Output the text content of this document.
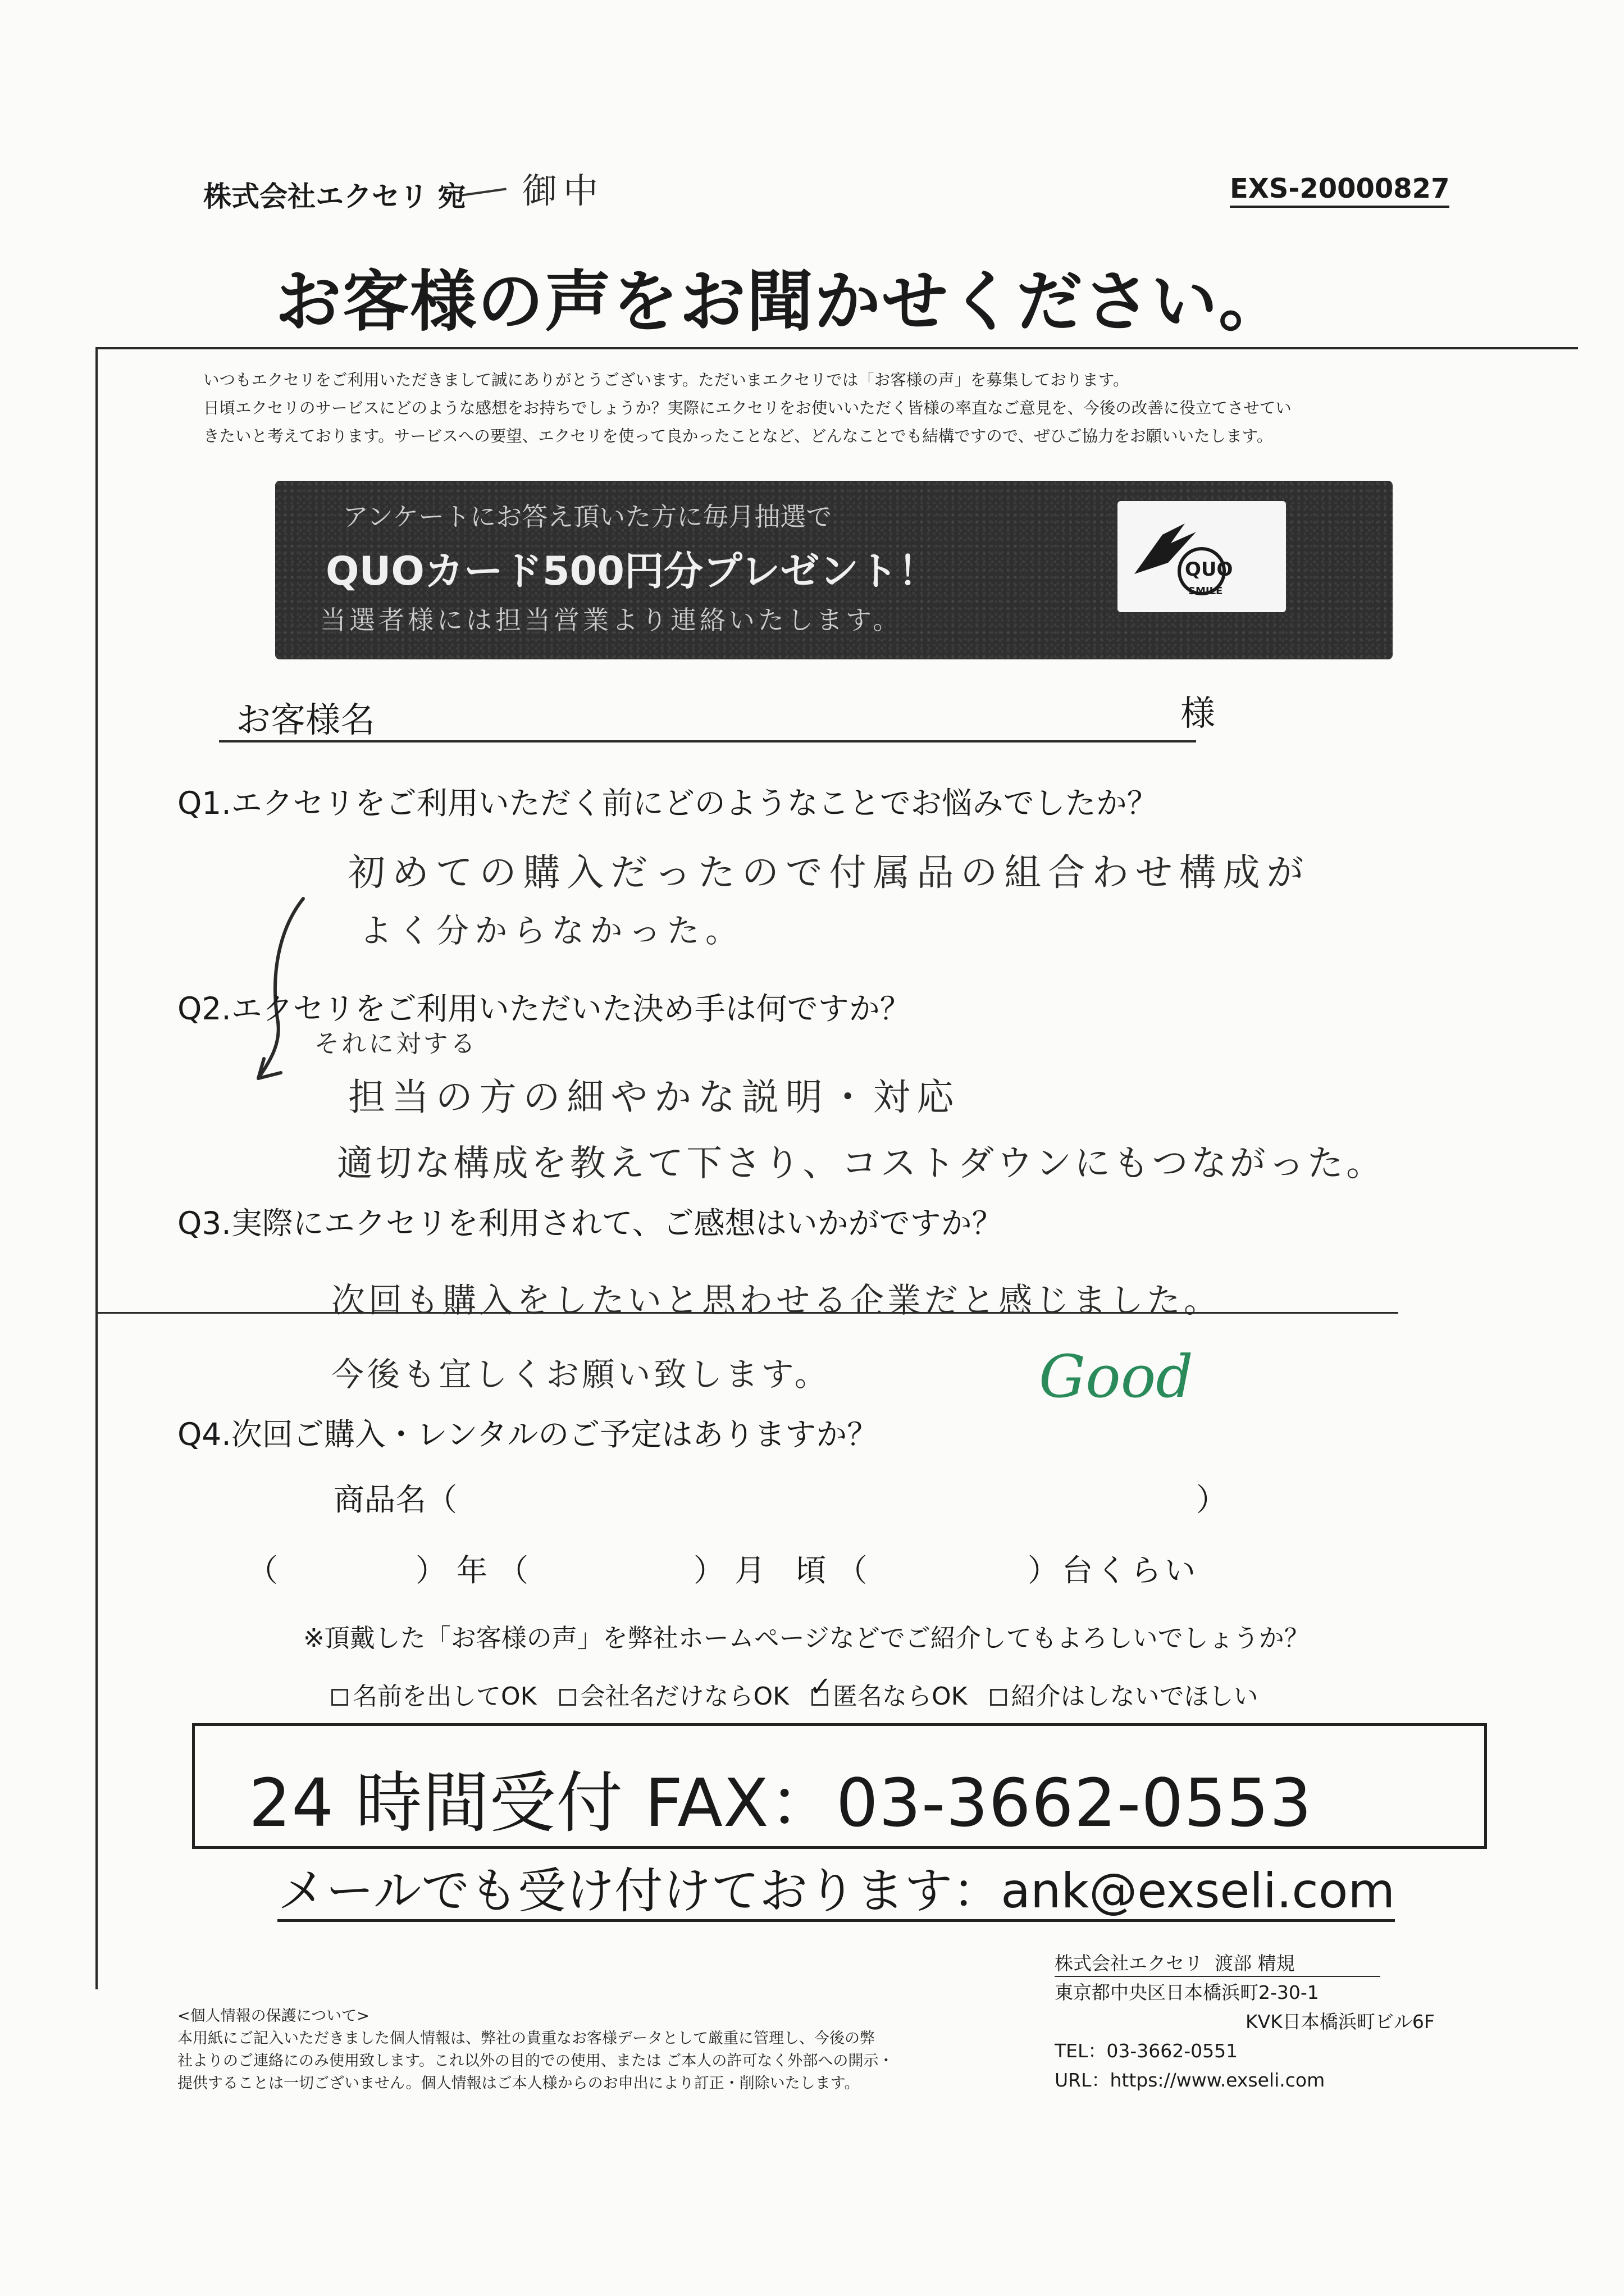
株式会社エクセリ 宛 御中	EXS-20000827
お客様の声をお聞かせください。
いつもエクセリをご利用いただきまして誠にありがとうございます。ただいまエクセリでは「お客様の声」を募集しております。
日頃エクセリのサービスにどのような感想をお持ちでしょうか？実際にエクセリをお使いいただく皆様の率直なご意見を、今後の改善に役立てさせてい
きたいと考えております。サービスへの要望、エクセリを使って良かったことなど、どんなことでも結構ですので、ぜひご協力をお願いいたします。
アンケートにお答え頂いた方に毎月抽選で
QUOカード500円分プレゼント！
当選者様には担当営業より連絡いたします。
QUO
SMILE
お客様名	様
Q1.エクセリをご利用いただく前にどのようなことでお悩みでしたか？
初めての購入だったので付属品の組合わせ構成が
よく分からなかった。
Q2.エクセリをご利用いただいた決め手は何ですか？
それに対する
担当の方の細やかな説明・対応
適切な構成を教えて下さり、コストダウンにもつながった。
Q3.実際にエクセリを利用されて、ご感想はいかがですか？
次回も購入をしたいと思わせる企業だと感じました。
今後も宜しくお願い致します。	Good
Q4.次回ご購入・レンタルのご予定はありますか？
商品名（	）
（	）年（	）月 頃（	）台くらい
※頂戴した「お客様の声」を弊社ホームページなどでご紹介してもよろしいでしょうか？
名前を出してOK 会社名だけならOK ✓ 匿名ならOK 紹介はしないでほしい
24 時間受付 FAX：03-3662-0553
メールでも受け付けております：ank@exseli.com
株式会社エクセリ 渡部 精規
東京都中央区日本橋浜町2-30-1
KVK日本橋浜町ビル6F
TEL：03-3662-0551
URL：https://www.exseli.com
<個人情報の保護について>
本用紙にご記入いただきました個人情報は、弊社の貴重なお客様データとして厳重に管理し、今後の弊
社よりのご連絡にのみ使用致します。これ以外の目的での使用、または ご本人の許可なく外部への開示・
提供することは一切ございません。個人情報はご本人様からのお申出により訂正・削除いたします。
